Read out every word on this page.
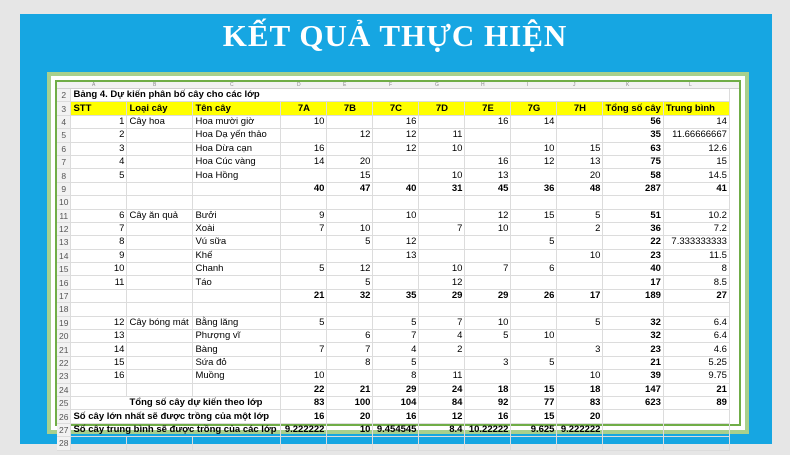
KẾT QUẢ THỰC HIỆN
A	B	C	D	E	F	G	H	I	J	K	L
2	Bảng 4. Dự kiến phân bố cây cho các lớp											
3	STT	Loại cây	Tên cây	7A	7B	7C	7D	7E	7G	7H	Tổng số cây	Trung bình
4	1	Cây hoa	Hoa mười giờ	10		16		16	14		56	14
5	2		Hoa Dạ yến thảo		12	12	11				35	11.66666667
6	3		Hoa Dừa cạn	16		12	10		10	15	63	12.6
7	4		Hoa Cúc vàng	14	20			16	12	13	75	15
8	5		Hoa Hồng		15		10	13		20	58	14.5
9				40	47	40	31	45	36	48	287	41
10												
11	6	Cây ăn quả	Bưởi	9		10		12	15	5	51	10.2
12	7		Xoài	7	10		7	10		2	36	7.2
13	8		Vú sữa		5	12			5		22	7.333333333
14	9		Khế			13				10	23	11.5
15	10		Chanh	5	12		10	7	6		40	8
16	11		Táo		5		12				17	8.5
17				21	32	35	29	29	26	17	189	27
18												
19	12	Cây bóng mát	Bằng lăng	5		5	7	10		5	32	6.4
20	13		Phượng vĩ		6	7	4	5	10		32	6.4
21	14		Bàng	7	7	4	2			3	23	4.6
22	15		Sứa đỏ		8	5		3	5		21	5.25
23	16		Muồng	10		8	11			10	39	9.75
24				22	21	29	24	18	15	18	147	21
25	Tổng số cây dự kiến theo lớp			83	100	104	84	92	77	83	623	89
26	Số cây lớn nhất sẽ được trồng của một lớp			16	20	16	12	16	15	20		
27	Số cây trung bình sẽ được trồng của các lớp			9.222222	10	9.454545	8.4	10.22222	9.625	9.222222		
28												
